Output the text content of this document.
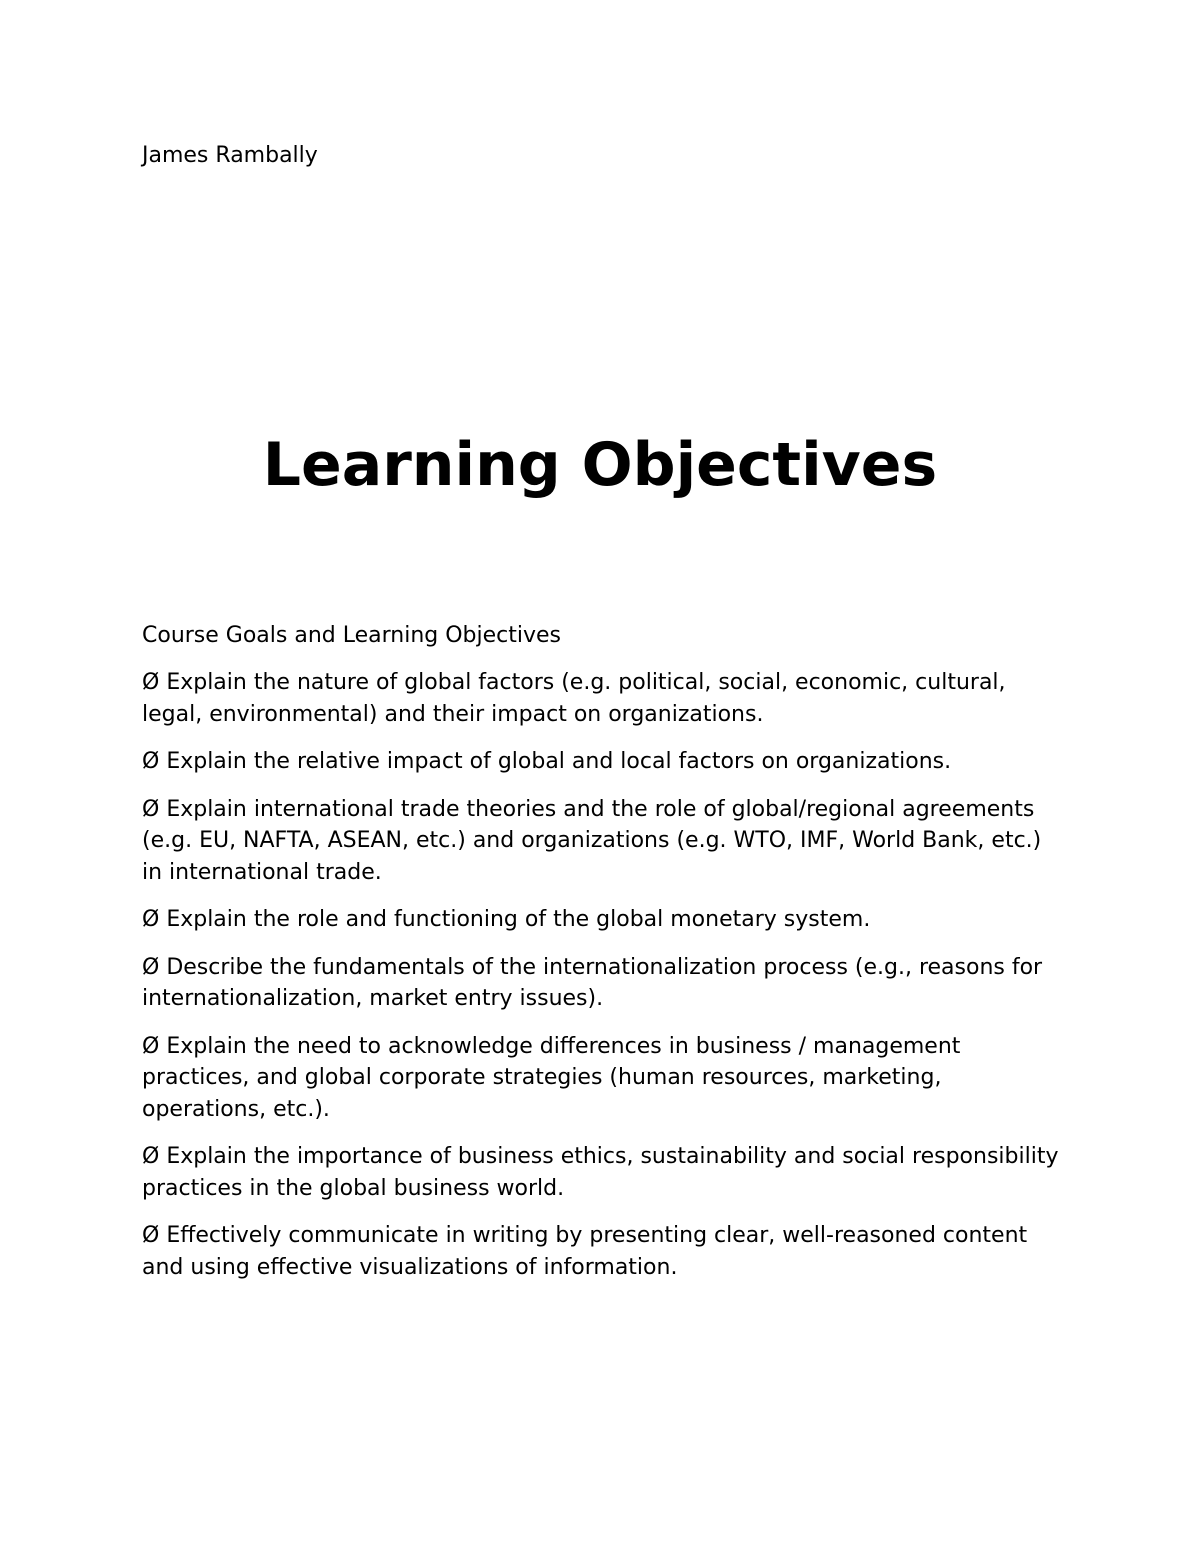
James Rambally
Learning Objectives
Course Goals and Learning Objectives
Ø Explain the nature of global factors (e.g. political, social, economic, cultural, legal, environmental) and their impact on organizations.
Ø Explain the relative impact of global and local factors on organizations.
Ø Explain international trade theories and the role of global/regional agreements (e.g. EU, NAFTA, ASEAN, etc.) and organizations (e.g. WTO, IMF, World Bank, etc.) in international trade.
Ø Explain the role and functioning of the global monetary system.
Ø Describe the fundamentals of the internationalization process (e.g., reasons for internationalization, market entry issues).
Ø Explain the need to acknowledge differences in business / management practices, and global corporate strategies (human resources, marketing, operations, etc.).
Ø Explain the importance of business ethics, sustainability and social responsibility practices in the global business world.
Ø Effectively communicate in writing by presenting clear, well-reasoned content and using effective visualizations of information.
